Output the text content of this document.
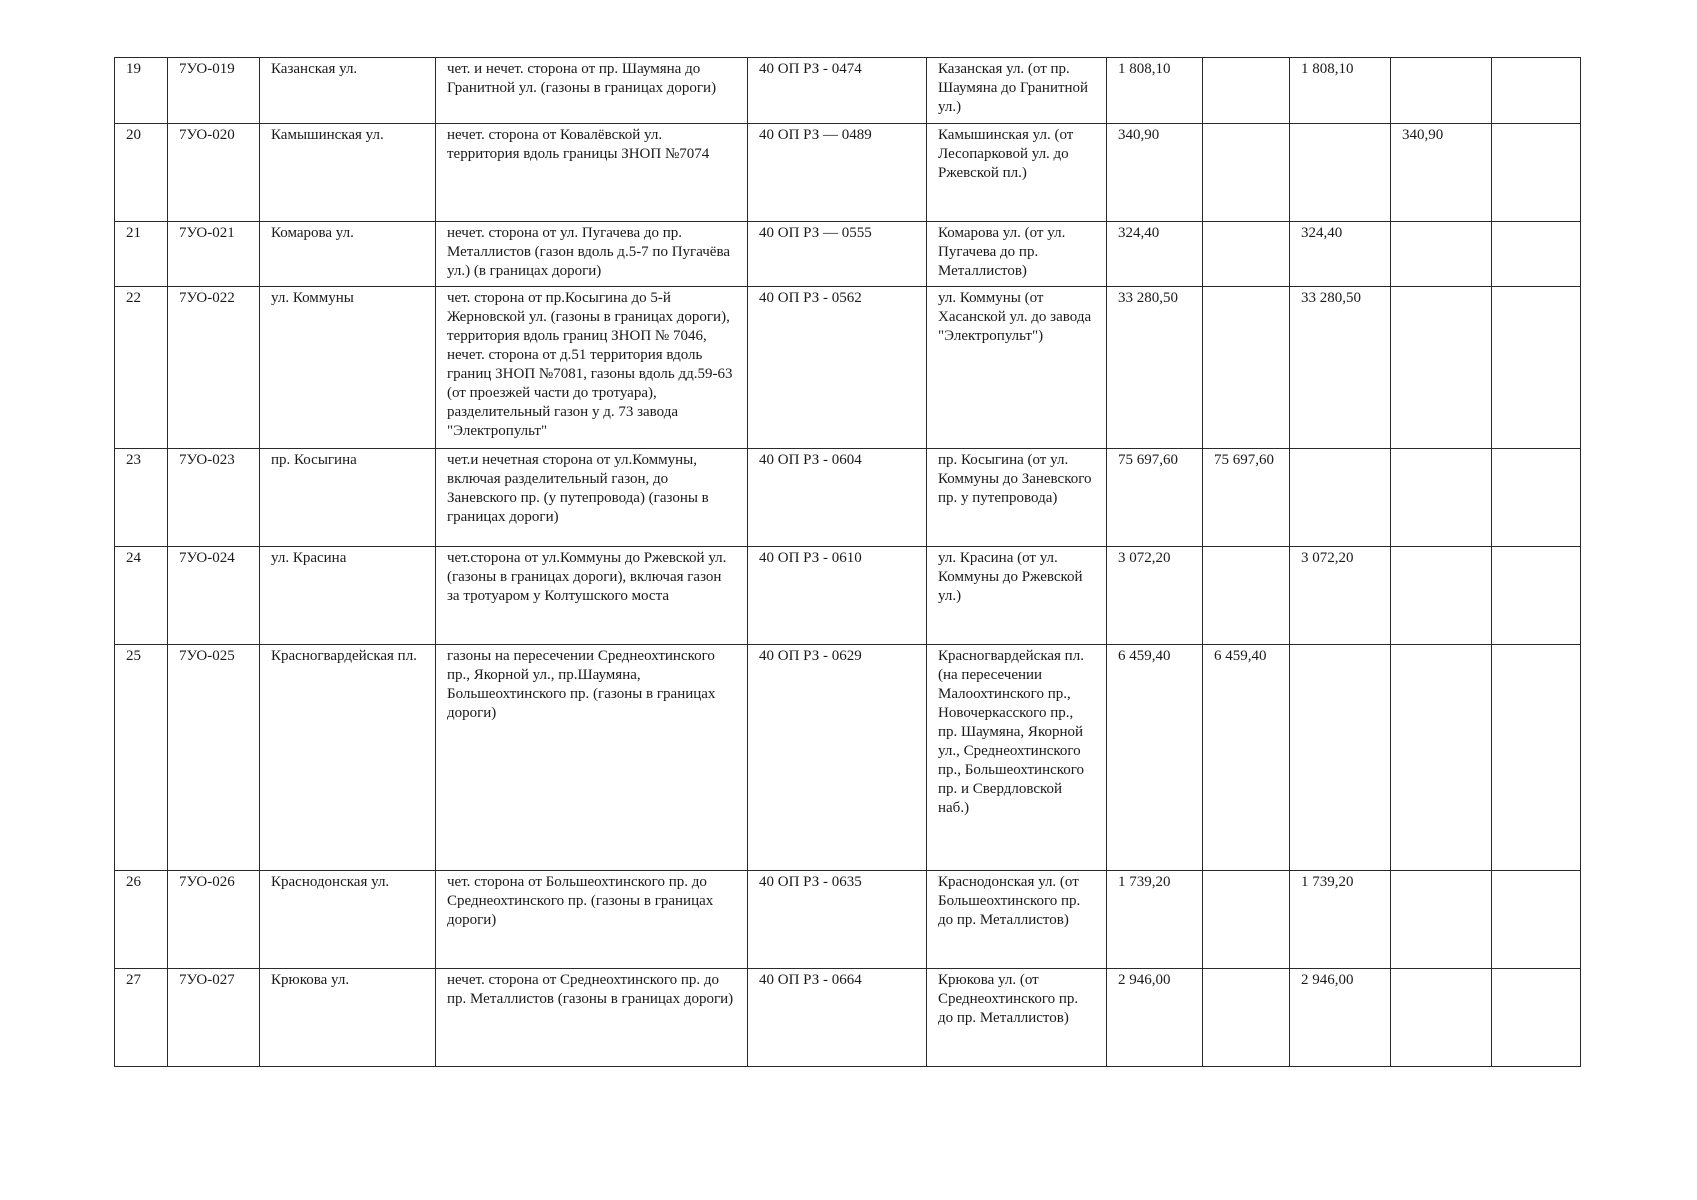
19	7УО-019	Казанская ул.	чет. и нечет. сторона от пр. Шаумяна до Гранитной ул. (газоны в границах дороги)	40 ОП РЗ - 0474	Казанская ул. (от пр. Шаумяна до Гранитной ул.)	1 808,10		1 808,10		
20	7УО-020	Камышинская ул.	нечет. сторона от Ковалёвской ул. территория вдоль границы ЗНОП №7074	40 ОП РЗ — 0489	Камышинская ул. (от Лесопарковой ул. до Ржевской пл.)	340,90			340,90	
21	7УО-021	Комарова ул.	нечет. сторона от ул. Пугачева до пр. Металлистов (газон вдоль д.5-7 по Пугачёва ул.) (в границах дороги)	40 ОП РЗ — 0555	Комарова ул. (от ул. Пугачева до пр. Металлистов)	324,40		324,40		
22	7УО-022	ул. Коммуны	чет. сторона от пр.Косыгина до 5-й Жерновской ул. (газоны в границах дороги), территория вдоль границ ЗНОП № 7046, нечет. сторона от д.51 территория вдоль границ ЗНОП №7081, газоны вдоль дд.59-63 (от проезжей части до тротуара), разделительный газон у д. 73 завода "Электропульт"	40 ОП РЗ - 0562	ул. Коммуны (от Хасанской ул. до завода "Электропульт")	33 280,50		33 280,50		
23	7УО-023	пр. Косыгина	чет.и нечетная сторона от ул.Коммуны, включая разделительный газон, до Заневского пр. (у путепровода) (газоны в границах дороги)	40 ОП РЗ - 0604	пр. Косыгина (от ул. Коммуны до Заневского пр. у путепровода)	75 697,60	75 697,60			
24	7УО-024	ул. Красина	чет.сторона от ул.Коммуны до Ржевской ул. (газоны в границах дороги), включая газон за тротуаром у Колтушского моста	40 ОП РЗ - 0610	ул. Красина (от ул. Коммуны до Ржевской ул.)	3 072,20		3 072,20		
25	7УО-025	Красногвардейская пл.	газоны на пересечении Среднеохтинского пр., Якорной ул., пр.Шаумяна, Большеохтинского пр. (газоны в границах дороги)	40 ОП РЗ - 0629	Красногвардейская пл. (на пересечении Малоохтинского пр., Новочеркасского пр., пр. Шаумяна, Якорной ул., Среднеохтинского пр., Большеохтинского пр. и Свердловской наб.)	6 459,40	6 459,40			
26	7УО-026	Краснодонская ул.	чет. сторона от Большеохтинского пр. до Среднеохтинского пр. (газоны в границах дороги)	40 ОП РЗ - 0635	Краснодонская ул. (от Большеохтинского пр. до пр. Металлистов)	1 739,20		1 739,20		
27	7УО-027	Крюкова ул.	нечет. сторона от Среднеохтинского пр. до пр. Металлистов (газоны в границах дороги)	40 ОП РЗ - 0664	Крюкова ул. (от Среднеохтинского пр. до пр. Металлистов)	2 946,00		2 946,00		
